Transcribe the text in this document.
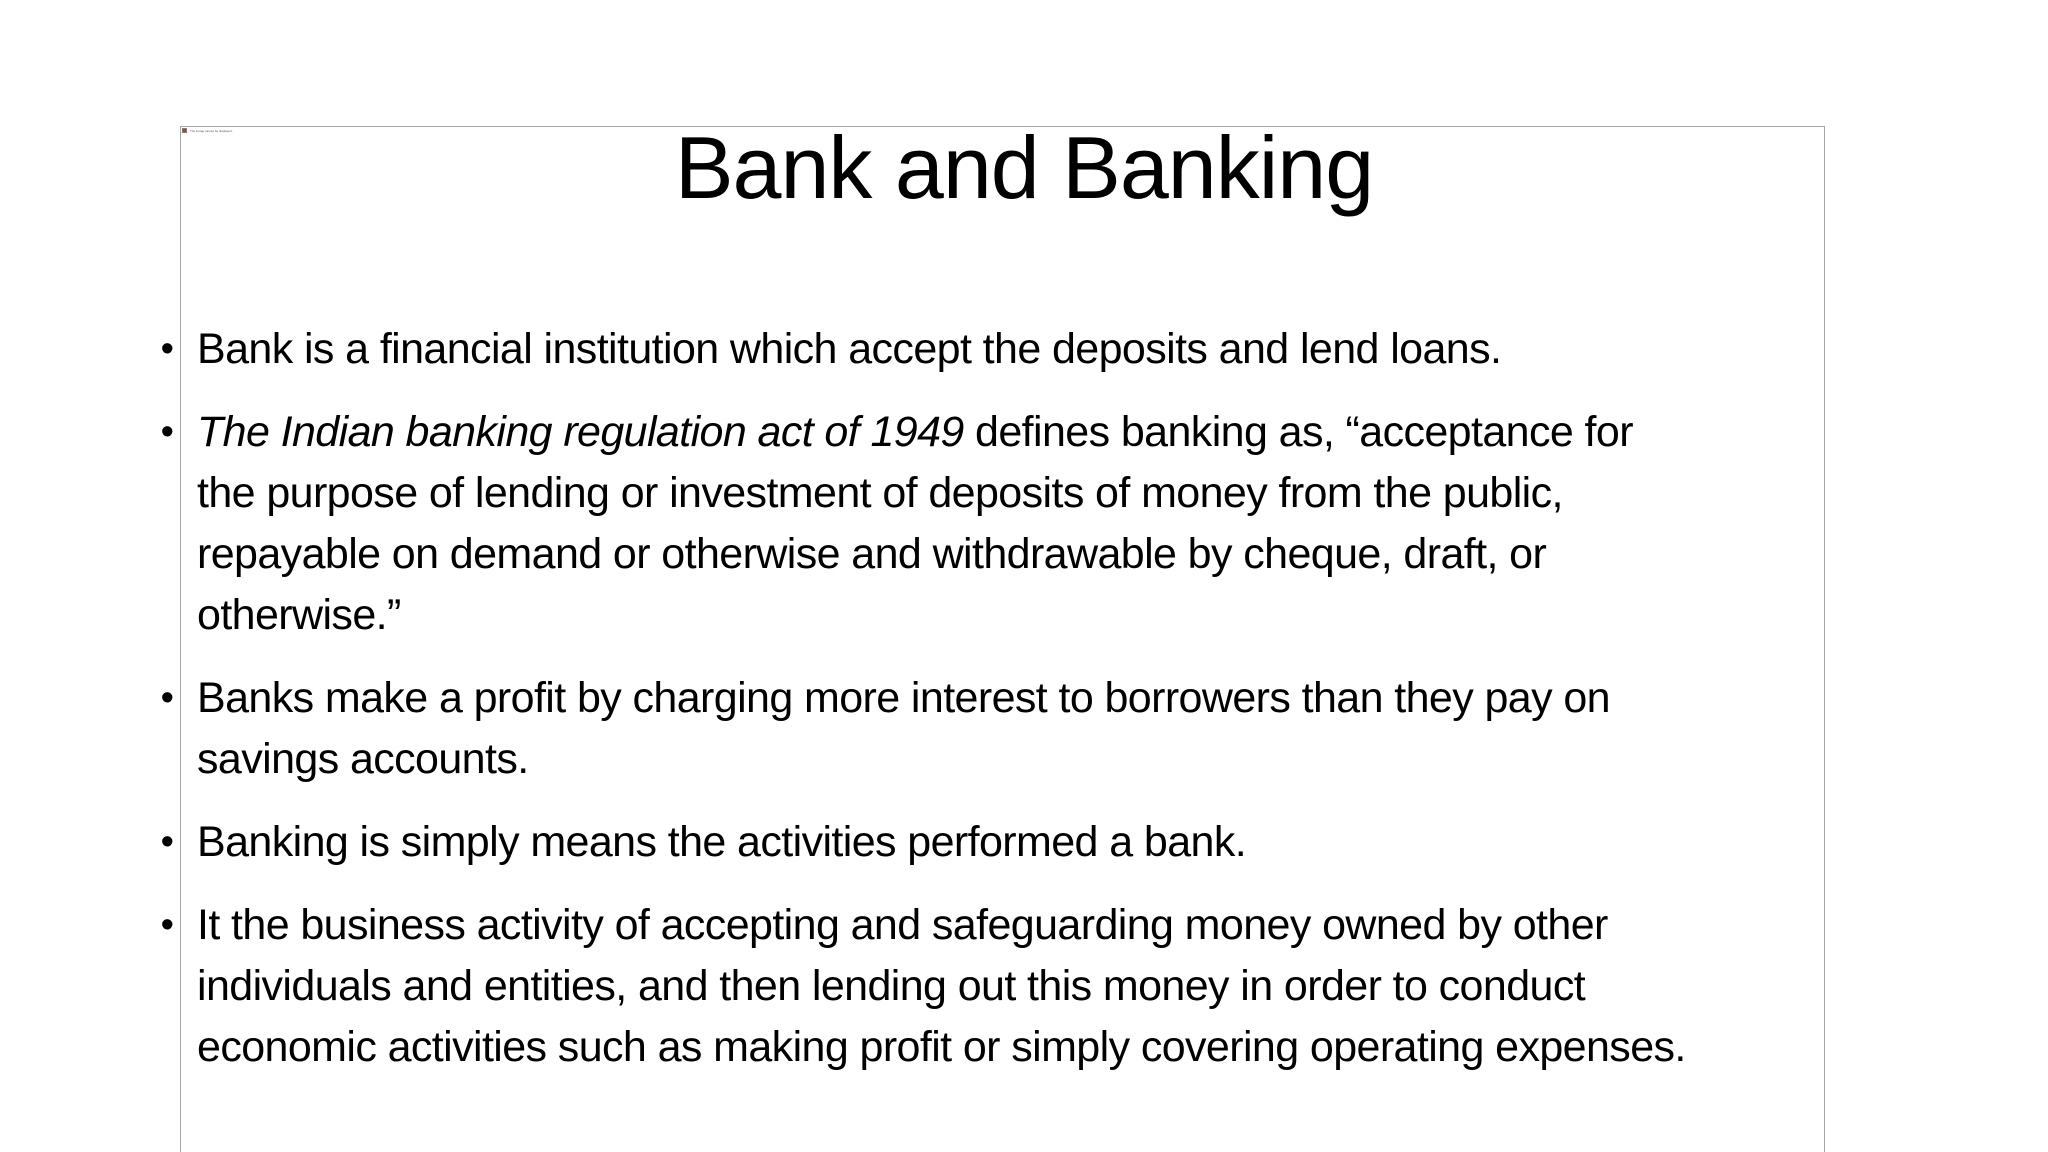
The image cannot be displayed.	Bank and Banking
• Bank is a financial institution which accept the deposits and lend loans.
• The Indian banking regulation act of 1949 defines banking as, “acceptance for
the purpose of lending or investment of deposits of money from the public,
repayable on demand or otherwise and withdrawable by cheque, draft, or
otherwise.”
• Banks make a profit by charging more interest to borrowers than they pay on
savings accounts.
• Banking is simply means the activities performed a bank.
• It the business activity of accepting and safeguarding money owned by other
individuals and entities, and then lending out this money in order to conduct
economic activities such as making profit or simply covering operating expenses.
